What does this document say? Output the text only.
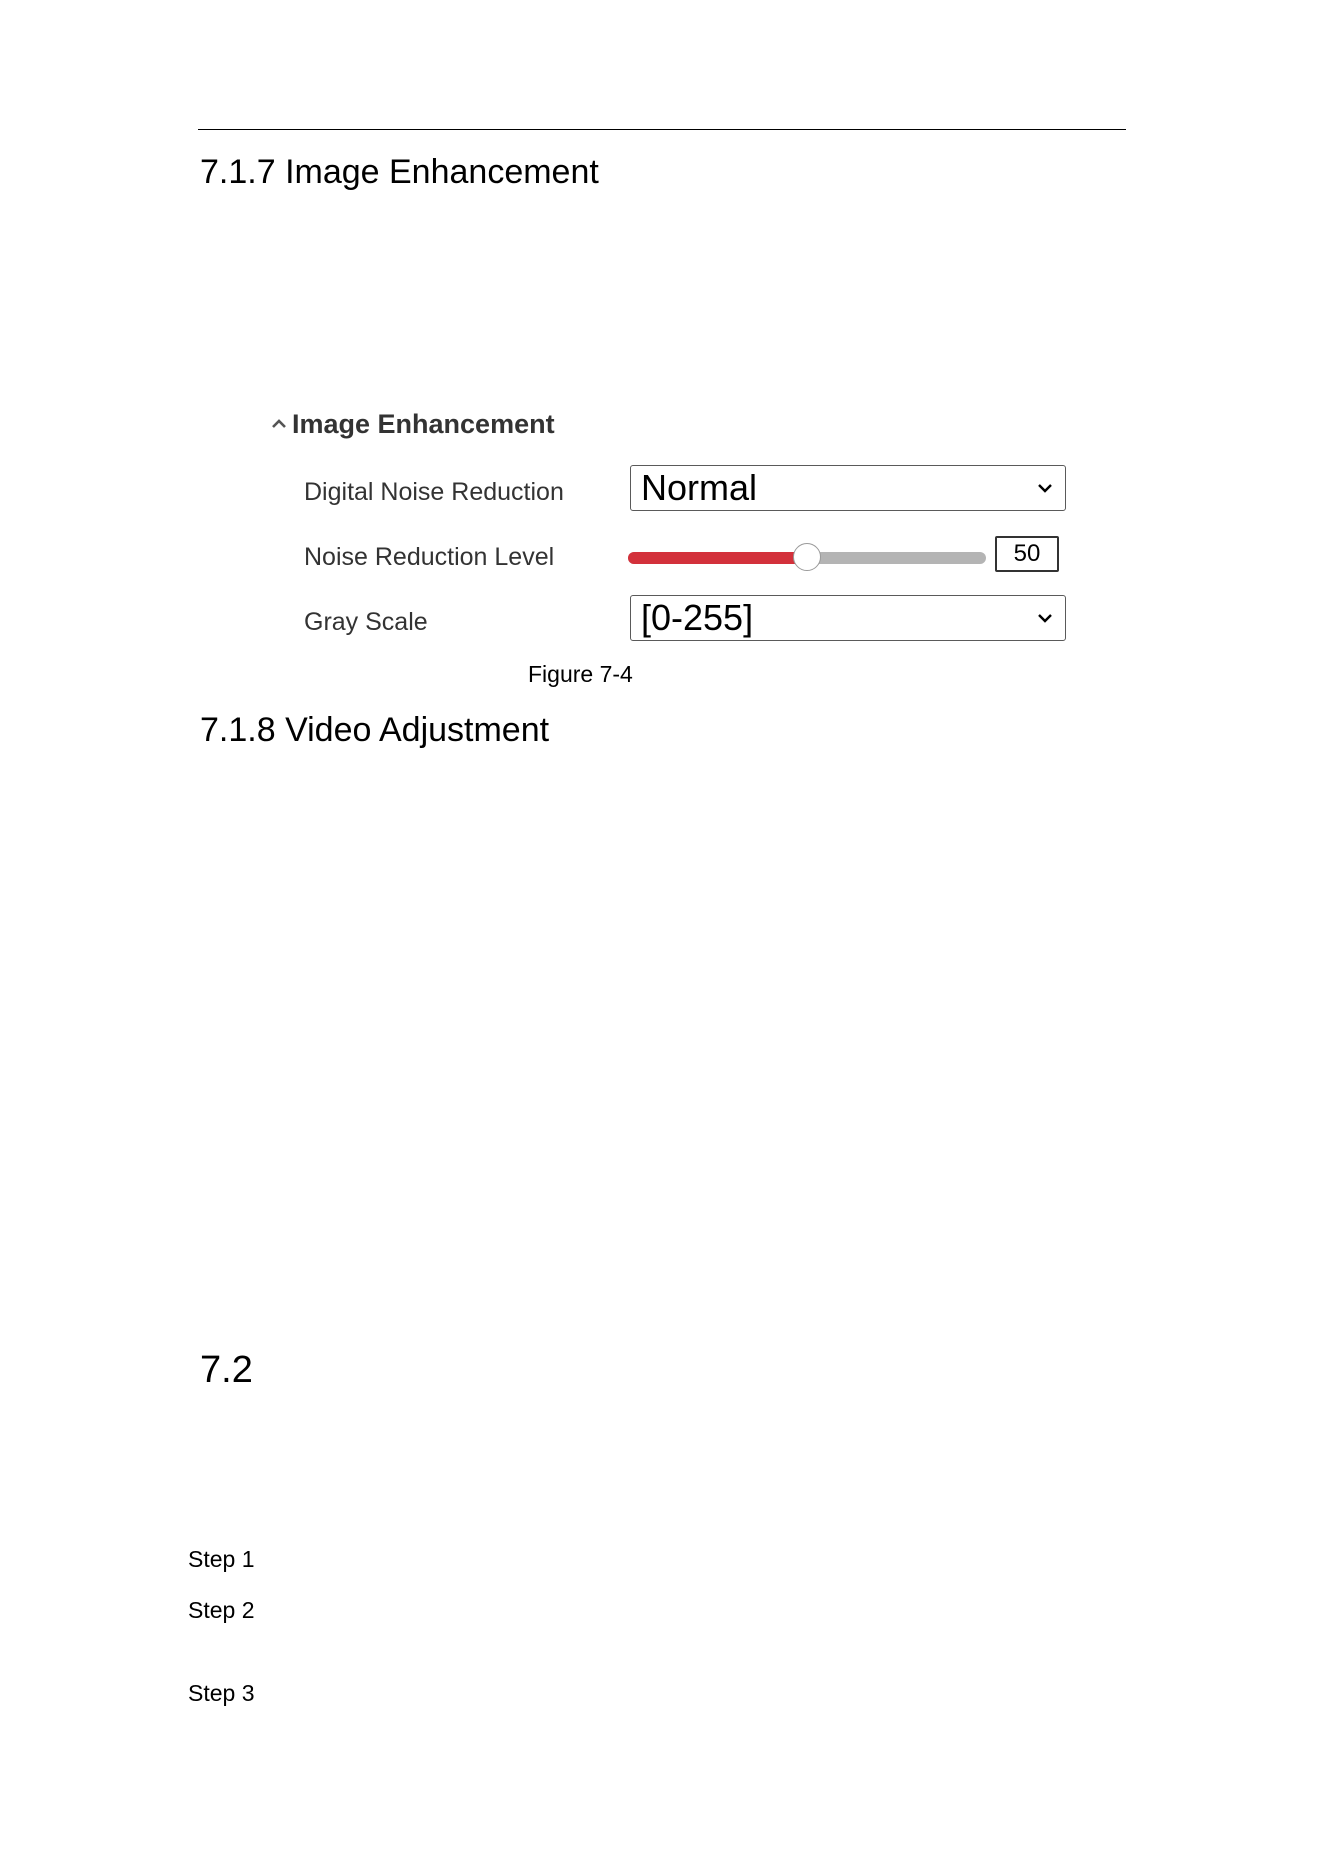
7.1.7 Image Enhancement
Image Enhancement
Digital Noise Reduction Normal
Noise Reduction Level	50
Gray Scale	[0-255]
Figure 7-4
7.1.8 Video Adjustment
7.2
Step 1
Step 2
Step 3
